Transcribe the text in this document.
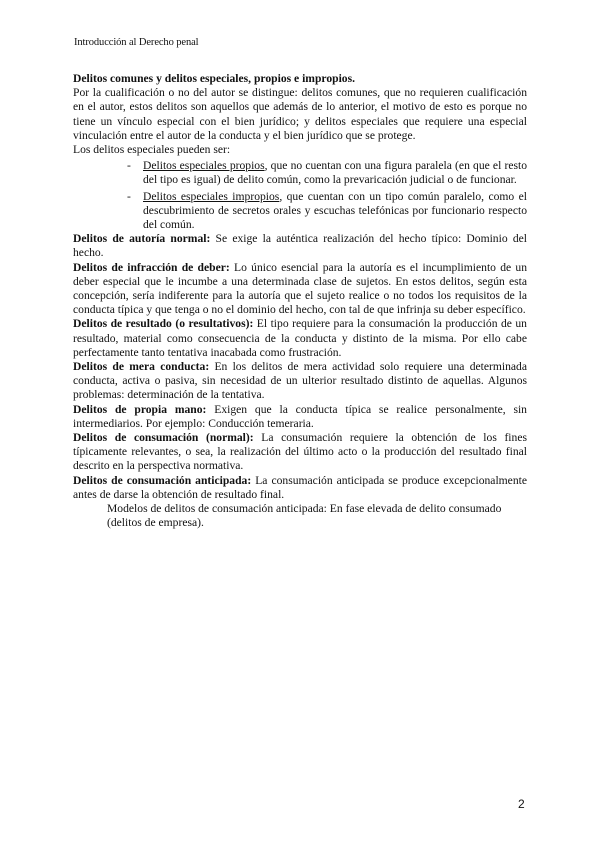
Introducción al Derecho penal

Delitos comunes y delitos especiales, propios e impropios.

Por la cualificación o no del autor se distingue: delitos comunes, que no requieren cualificación en el autor, estos delitos son aquellos que además de lo anterior, el motivo de esto es porque no tiene un vínculo especial con el bien jurídico; y delitos especiales que requiere una especial vinculación entre el autor de la conducta y el bien jurídico que se protege.

Los delitos especiales pueden ser:

- Delitos especiales propios, que no cuentan con una figura paralela (en que el resto del tipo es igual) de delito común, como la prevaricación judicial o de funcionar.
- Delitos especiales impropios, que cuentan con un tipo común paralelo, como el descubrimiento de secretos orales y escuchas telefónicas por funcionario respecto del común.

Delitos de autoría normal: Se exige la auténtica realización del hecho típico: Dominio del hecho.

Delitos de infracción de deber: Lo único esencial para la autoría es el incumplimiento de un deber especial que le incumbe a una determinada clase de sujetos. En estos delitos, según esta concepción, sería indiferente para la autoría que el sujeto realice o no todos los requisitos de la conducta típica y que tenga o no el dominio del hecho, con tal de que infrinja su deber específico.

Delitos de resultado (o resultativos): El tipo requiere para la consumación la producción de un resultado, material como consecuencia de la conducta y distinto de la misma. Por ello cabe perfectamente tanto tentativa inacabada como frustración.

Delitos de mera conducta: En los delitos de mera actividad solo requiere una determinada conducta, activa o pasiva, sin necesidad de un ulterior resultado distinto de aquellas. Algunos problemas: determinación de la tentativa.

Delitos de propia mano: Exigen que la conducta típica se realice personalmente, sin intermediarios. Por ejemplo: Conducción temeraria.

Delitos de consumación (normal): La consumación requiere la obtención de los fines típicamente relevantes, o sea, la realización del último acto o la producción del resultado final descrito en la perspectiva normativa.

Delitos de consumación anticipada: La consumación anticipada se produce excepcionalmente antes de darse la obtención de resultado final.

Modelos de delitos de consumación anticipada: En fase elevada de delito consumado (delitos de empresa).

2
